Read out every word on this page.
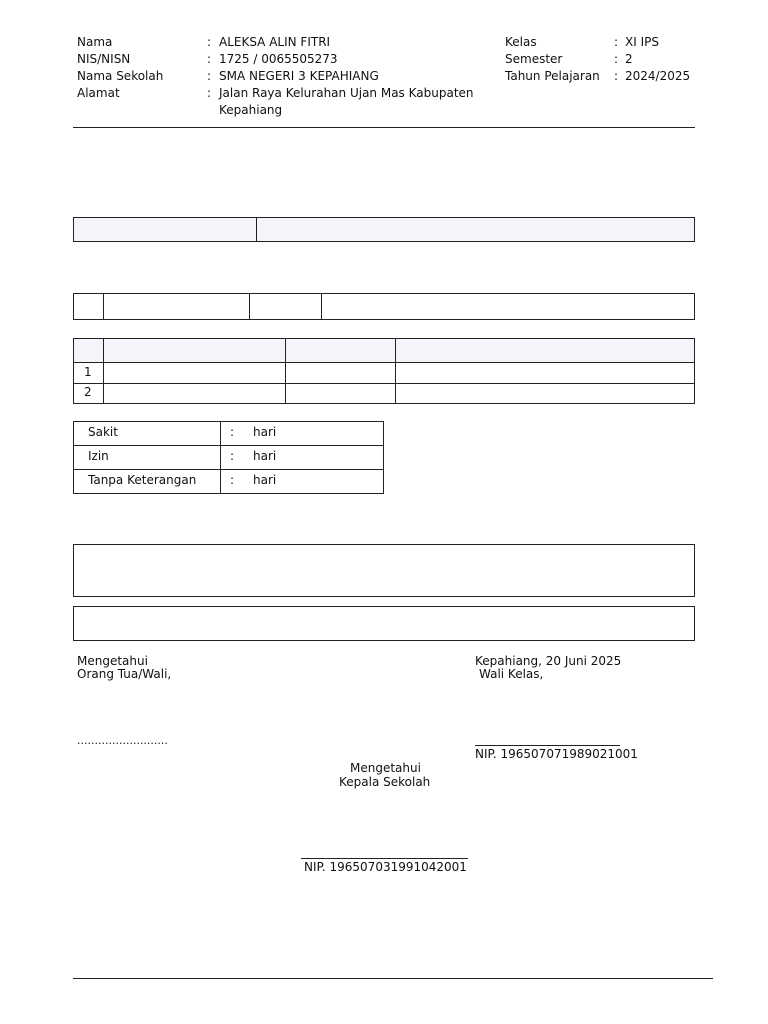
Nama	: ALEKSA ALIN FITRI
NIS/NISN	: 1725 / 0065505273
Nama Sekolah	: SMA NEGERI 3 KEPAHIANG
Alamat	: Jalan Raya Kelurahan Ujan Mas Kabupaten
Kepahiang
Kelas	: XI IPS
Semester	: 2
Tahun Pelajaran : 2024/2025
1
2
Sakit	: hari
Izin	: hari
Tanpa Keterangan	: hari
Mengetahui
Orang Tua/Wali,
..........................
Kepahiang, 20 Juni 2025
Wali Kelas,
NIP. 196507071989021001
Mengetahui
Kepala Sekolah
NIP. 196507031991042001
